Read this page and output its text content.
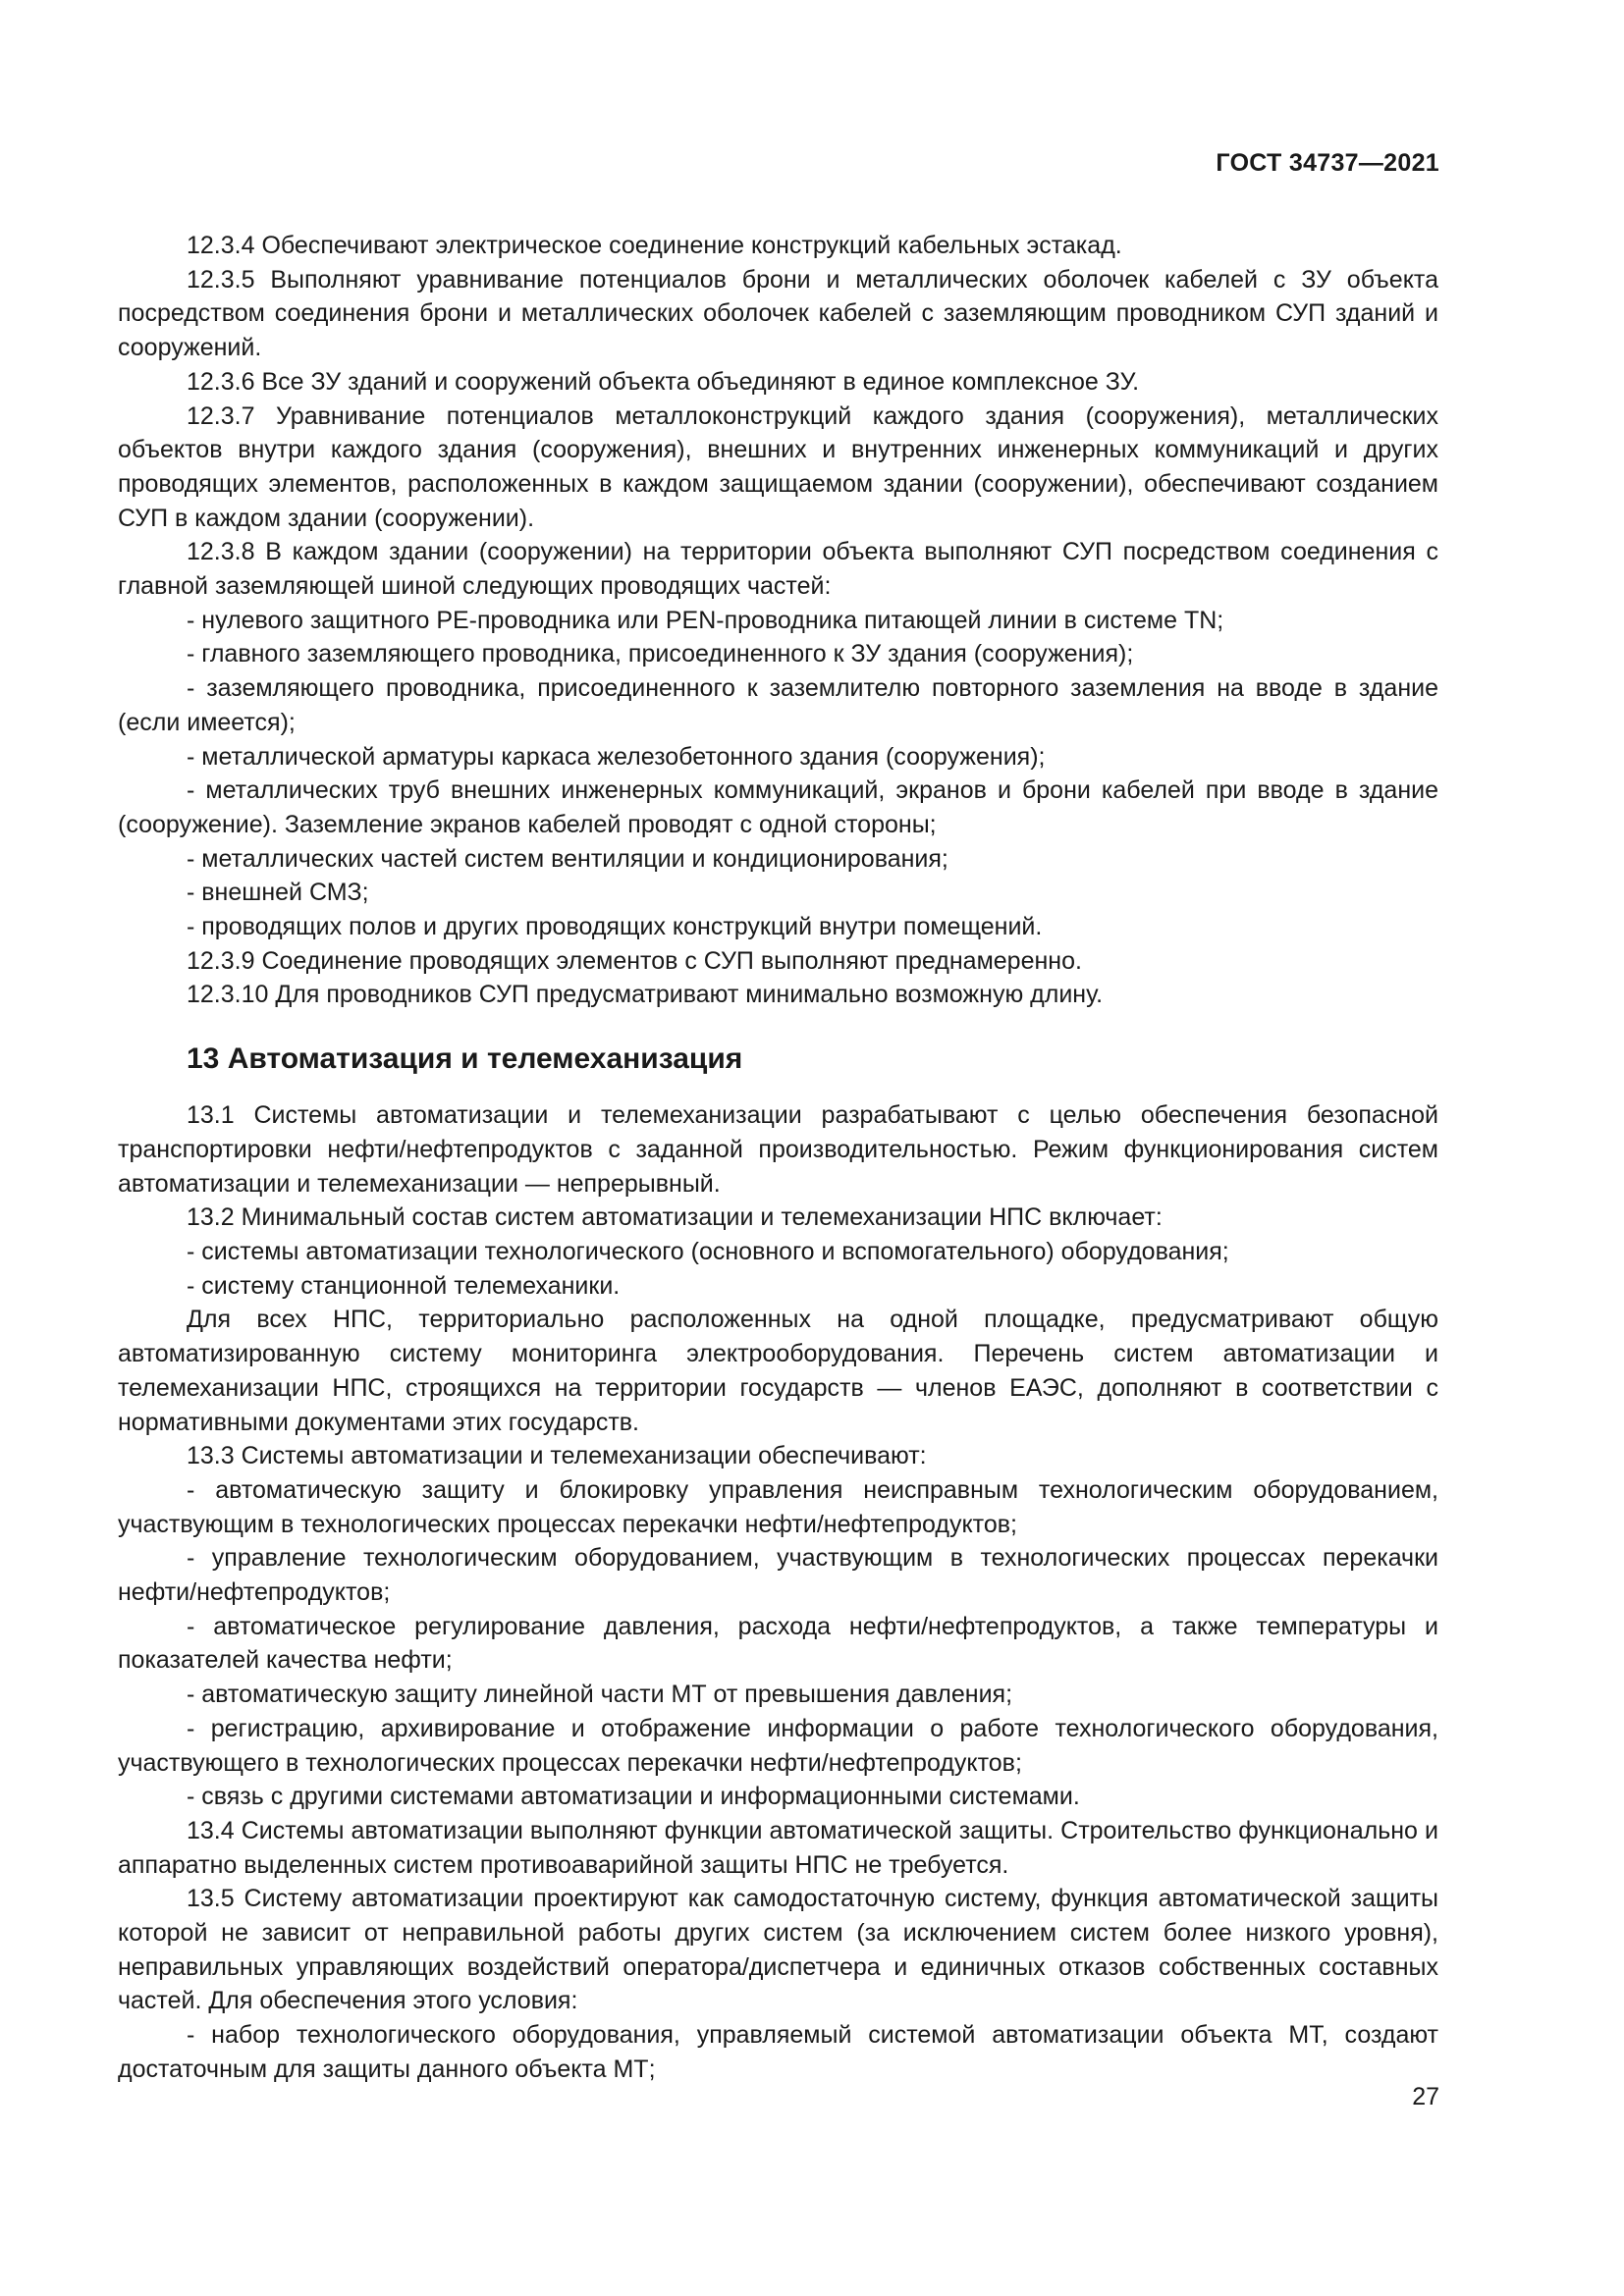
ГОСТ 34737—2021

12.3.4 Обеспечивают электрическое соединение конструкций кабельных эстакад.

12.3.5 Выполняют уравнивание потенциалов брони и металлических оболочек кабелей с ЗУ объекта посредством соединения брони и металлических оболочек кабелей с заземляющим проводником СУП зданий и сооружений.

12.3.6 Все ЗУ зданий и сооружений объекта объединяют в единое комплексное ЗУ.

12.3.7 Уравнивание потенциалов металлоконструкций каждого здания (сооружения), металлических объектов внутри каждого здания (сооружения), внешних и внутренних инженерных коммуникаций и других проводящих элементов, расположенных в каждом защищаемом здании (сооружении), обеспечивают созданием СУП в каждом здании (сооружении).

12.3.8 В каждом здании (сооружении) на территории объекта выполняют СУП посредством соединения с главной заземляющей шиной следующих проводящих частей:

- нулевого защитного РЕ-проводника или PEN-проводника питающей линии в системе TN;

- главного заземляющего проводника, присоединенного к ЗУ здания (сооружения);

- заземляющего проводника, присоединенного к заземлителю повторного заземления на вводе в здание (если имеется);

- металлической арматуры каркаса железобетонного здания (сооружения);

- металлических труб внешних инженерных коммуникаций, экранов и брони кабелей при вводе в здание (сооружение). Заземление экранов кабелей проводят с одной стороны;

- металлических частей систем вентиляции и кондиционирования;

- внешней СМЗ;

- проводящих полов и других проводящих конструкций внутри помещений.

12.3.9 Соединение проводящих элементов с СУП выполняют преднамеренно.

12.3.10 Для проводников СУП предусматривают минимально возможную длину.

13 Автоматизация и телемеханизация

13.1 Системы автоматизации и телемеханизации разрабатывают с целью обеспечения безопасной транспортировки нефти/нефтепродуктов с заданной производительностью. Режим функционирования систем автоматизации и телемеханизации — непрерывный.

13.2 Минимальный состав систем автоматизации и телемеханизации НПС включает:

- системы автоматизации технологического (основного и вспомогательного) оборудования;

- систему станционной телемеханики.

Для всех НПС, территориально расположенных на одной площадке, предусматривают общую автоматизированную систему мониторинга электрооборудования. Перечень систем автоматизации и телемеханизации НПС, строящихся на территории государств — членов ЕАЭС, дополняют в соответствии с нормативными документами этих государств.

13.3 Системы автоматизации и телемеханизации обеспечивают:

- автоматическую защиту и блокировку управления неисправным технологическим оборудованием, участвующим в технологических процессах перекачки нефти/нефтепродуктов;

- управление технологическим оборудованием, участвующим в технологических процессах перекачки нефти/нефтепродуктов;

- автоматическое регулирование давления, расхода нефти/нефтепродуктов, а также температуры и показателей качества нефти;

- автоматическую защиту линейной части МТ от превышения давления;

- регистрацию, архивирование и отображение информации о работе технологического оборудования, участвующего в технологических процессах перекачки нефти/нефтепродуктов;

- связь с другими системами автоматизации и информационными системами.

13.4 Системы автоматизации выполняют функции автоматической защиты. Строительство функционально и аппаратно выделенных систем противоаварийной защиты НПС не требуется.

13.5 Систему автоматизации проектируют как самодостаточную систему, функция автоматической защиты которой не зависит от неправильной работы других систем (за исключением систем более низкого уровня), неправильных управляющих воздействий оператора/диспетчера и единичных отказов собственных составных частей. Для обеспечения этого условия:

- набор технологического оборудования, управляемый системой автоматизации объекта МТ, создают достаточным для защиты данного объекта МТ;

27
